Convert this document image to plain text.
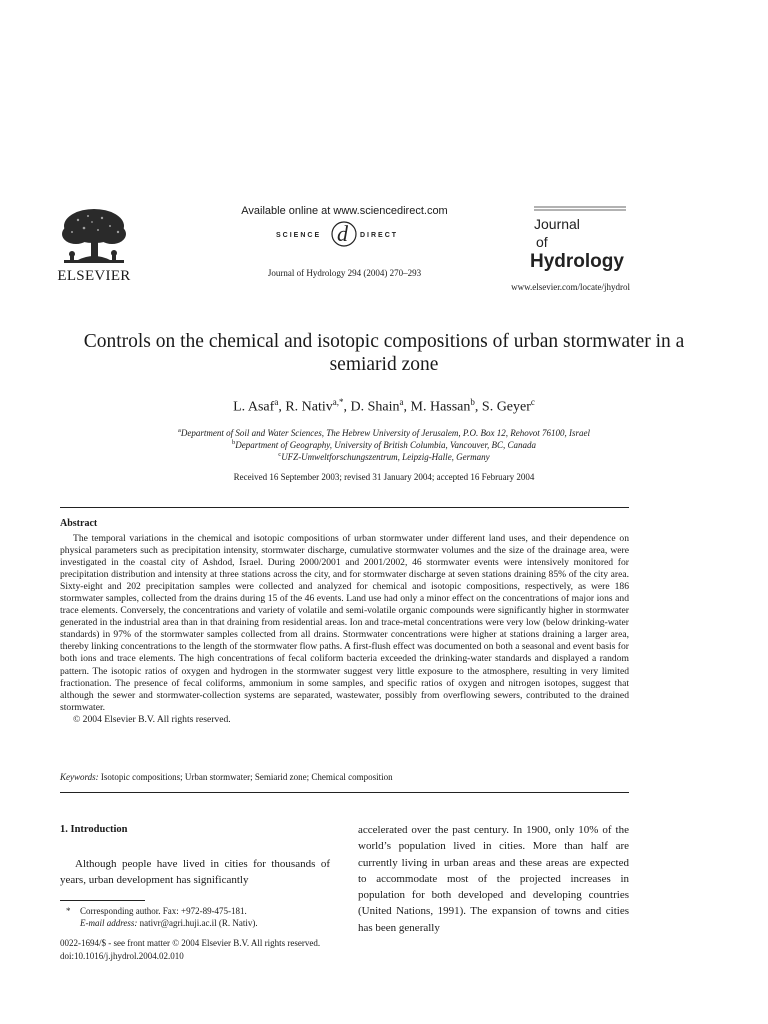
ELSEVIER
Available online at www.sciencedirect.com
SCIENCE d DIRECT
Journal of Hydrology 294 (2004) 270–293
Journal
of
Hydrology
www.elsevier.com/locate/jhydrol
Controls on the chemical and isotopic compositions of urban stormwater in a semiarid zone
L. Asaf$^a$, R. Nativ$^{a,*}$, D. Shain$^a$, M. Hassan$^b$, S. Geyer$^c$
$^a$Department of Soil and Water Sciences, The Hebrew University of Jerusalem, P.O. Box 12, Rehovot 76100, Israel
$^b$Department of Geography, University of British Columbia, Vancouver, BC, Canada
$^c$UFZ-Umweltforschungszentrum, Leipzig-Halle, Germany
Received 16 September 2003; revised 31 January 2004; accepted 16 February 2004
Abstract

The temporal variations in the chemical and isotopic compositions of urban stormwater under different land uses, and their dependence on physical parameters such as precipitation intensity, stormwater discharge, cumulative stormwater volumes and the size of the drainage area, were investigated in the coastal city of Ashdod, Israel. During 2000/2001 and 2001/2002, 46 stormwater events were intensively monitored for precipitation distribution and intensity at three stations across the city, and for stormwater discharge at seven stations draining 85% of the city area. Sixty-eight and 202 precipitation samples were collected and analyzed for chemical and isotopic compositions, respectively, as were 186 stormwater samples, collected from the drains during 15 of the 46 events. Land use had only a minor effect on the concentrations of major ions and trace elements. Conversely, the concentrations and variety of volatile and semi-volatile organic compounds were significantly higher in stormwater generated in the industrial area than in that draining from residential areas. Ion and trace-metal concentrations were very low (below drinking-water standards) in 97% of the stormwater samples collected from all drains. Stormwater concentrations were higher at stations draining a larger area, thereby linking concentrations to the length of the stormwater flow paths. A first-flush effect was documented on both a seasonal and event basis for both ions and trace elements. The high concentrations of fecal coliform bacteria exceeded the drinking-water standards and displayed a random pattern. The isotopic ratios of oxygen and hydrogen in the stormwater suggest very little exposure to the atmosphere, resulting in very limited fractionation. The presence of fecal coliforms, ammonium in some samples, and specific ratios of oxygen and nitrogen isotopes, suggest that although the sewer and stormwater-collection systems are separated, wastewater, possibly from overflowing sewers, contributed to the drained stormwater.

© 2004 Elsevier B.V. All rights reserved.

Keywords: Isotopic compositions; Urban stormwater; Semiarid zone; Chemical composition
1. Introduction

Although people have lived in cities for thousands of years, urban development has significantly

accelerated over the past century. In 1900, only 10% of the world’s population lived in cities. More than half are currently living in urban areas and these areas are expected to accommodate most of the projected increases in population for both developed and developing countries (United Nations, 1991). The expansion of towns and cities has been generally

* Corresponding author. Fax: +972-89-475-181.
E-mail address: nativr@agri.huji.ac.il (R. Nativ).
0022-1694/$ - see front matter © 2004 Elsevier B.V. All rights reserved.
doi:10.1016/j.jhydrol.2004.02.010
